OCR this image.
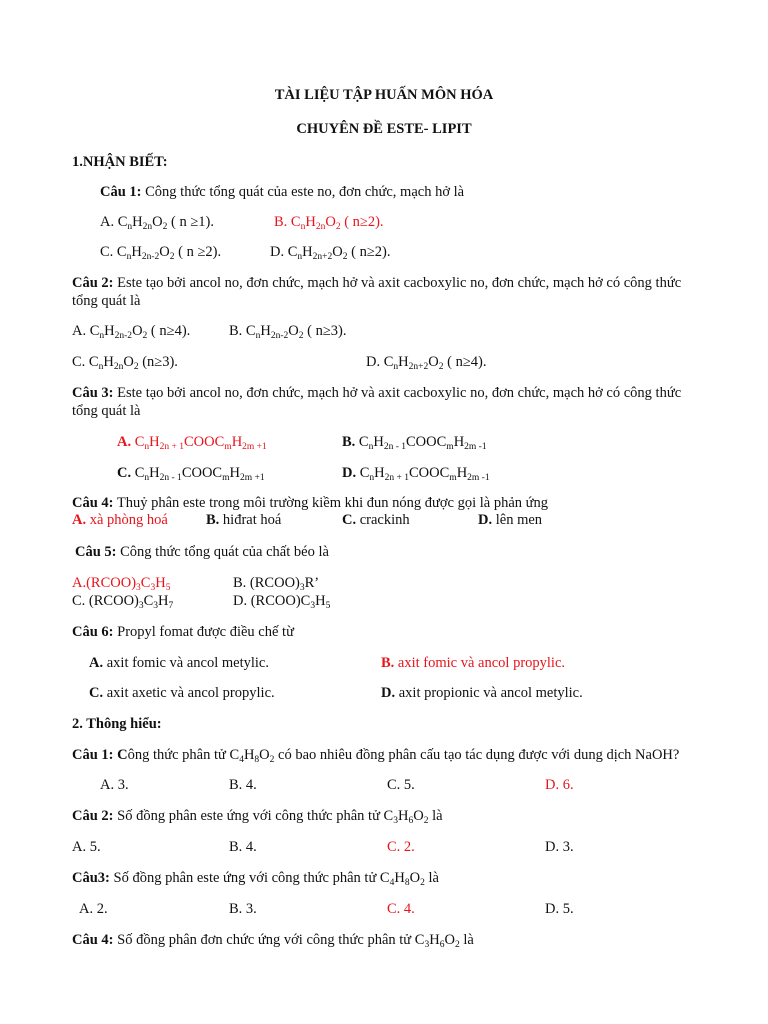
TÀI LIỆU TẬP HUẤN MÔN HÓA
CHUYÊN ĐỀ ESTE- LIPIT
1.NHẬN BIẾT:
Câu 1: Công thức tổng quát của este no, đơn chức, mạch hở là
A. $C_nH_{2n}O_2$ ( n ≥1).	B. $C_nH_{2n}O_2$ ( n≥2).
C. $C_nH_{2n-2}O_2$ ( n ≥2).	D. $C_nH_{2n+2}O_2$ ( n≥2).
Câu 2: Este tạo bởi ancol no, đơn chức, mạch hở và axit cacboxylic no, đơn chức, mạch hở có công thức
tổng quát là
A. $C_nH_{2n-2}O_2$ ( n≥4).	B. $C_nH_{2n-2}O_2$ ( n≥3).
C. $C_nH_{2n}O_2$ (n≥3).	D. $C_nH_{2n+2}O_2$ ( n≥4).
Câu 3: Este tạo bởi ancol no, đơn chức, mạch hở và axit cacboxylic no, đơn chức, mạch hở có công thức
tổng quát là
A. $C_nH_{2n + 1}COOC_mH_{2m +1}$	B. $C_nH_{2n - 1}COOC_mH_{2m -1}$
C. $C_nH_{2n - 1}COOC_mH_{2m +1}$	D. $C_nH_{2n + 1}COOC_mH_{2m -1}$
Câu 4: Thuỷ phân este trong môi trường kiềm khi đun nóng được gọi là phản ứng
A. xà phòng hoá	B. hiđrat hoá	C. crackinh	D. lên men
Câu 5: Công thức tổng quát của chất béo là
$A.(RCOO)_3C_3H_5$	B. $(RCOO)_3R$’
C. $(RCOO)_3C_3H_7$	D. $(RCOO)C_3H_5$
Câu 6: Propyl fomat được điều chế từ
A. axit fomic và ancol metylic.	B. axit fomic và ancol propylic.
C. axit axetic và ancol propylic.	D. axit propionic và ancol metylic.
2. Thông hiểu:
Câu 1: Công thức phân tử $C_4H_8O_2$ có bao nhiêu đồng phân cấu tạo tác dụng được với dung dịch NaOH?
A. 3.	B. 4.	C. 5.	D. 6.
Câu 2: Số đồng phân este ứng với công thức phân tử $C_3H_6O_2$ là
A. 5.	B. 4.	C. 2.	D. 3.
Câu3: Số đồng phân este ứng với công thức phân tử $C_4H_8O_2$ là
A. 2.	B. 3.	C. 4.	D. 5.
Câu 4: Số đồng phân đơn chức ứng với công thức phân tử $C_3H_6O_2$ là
